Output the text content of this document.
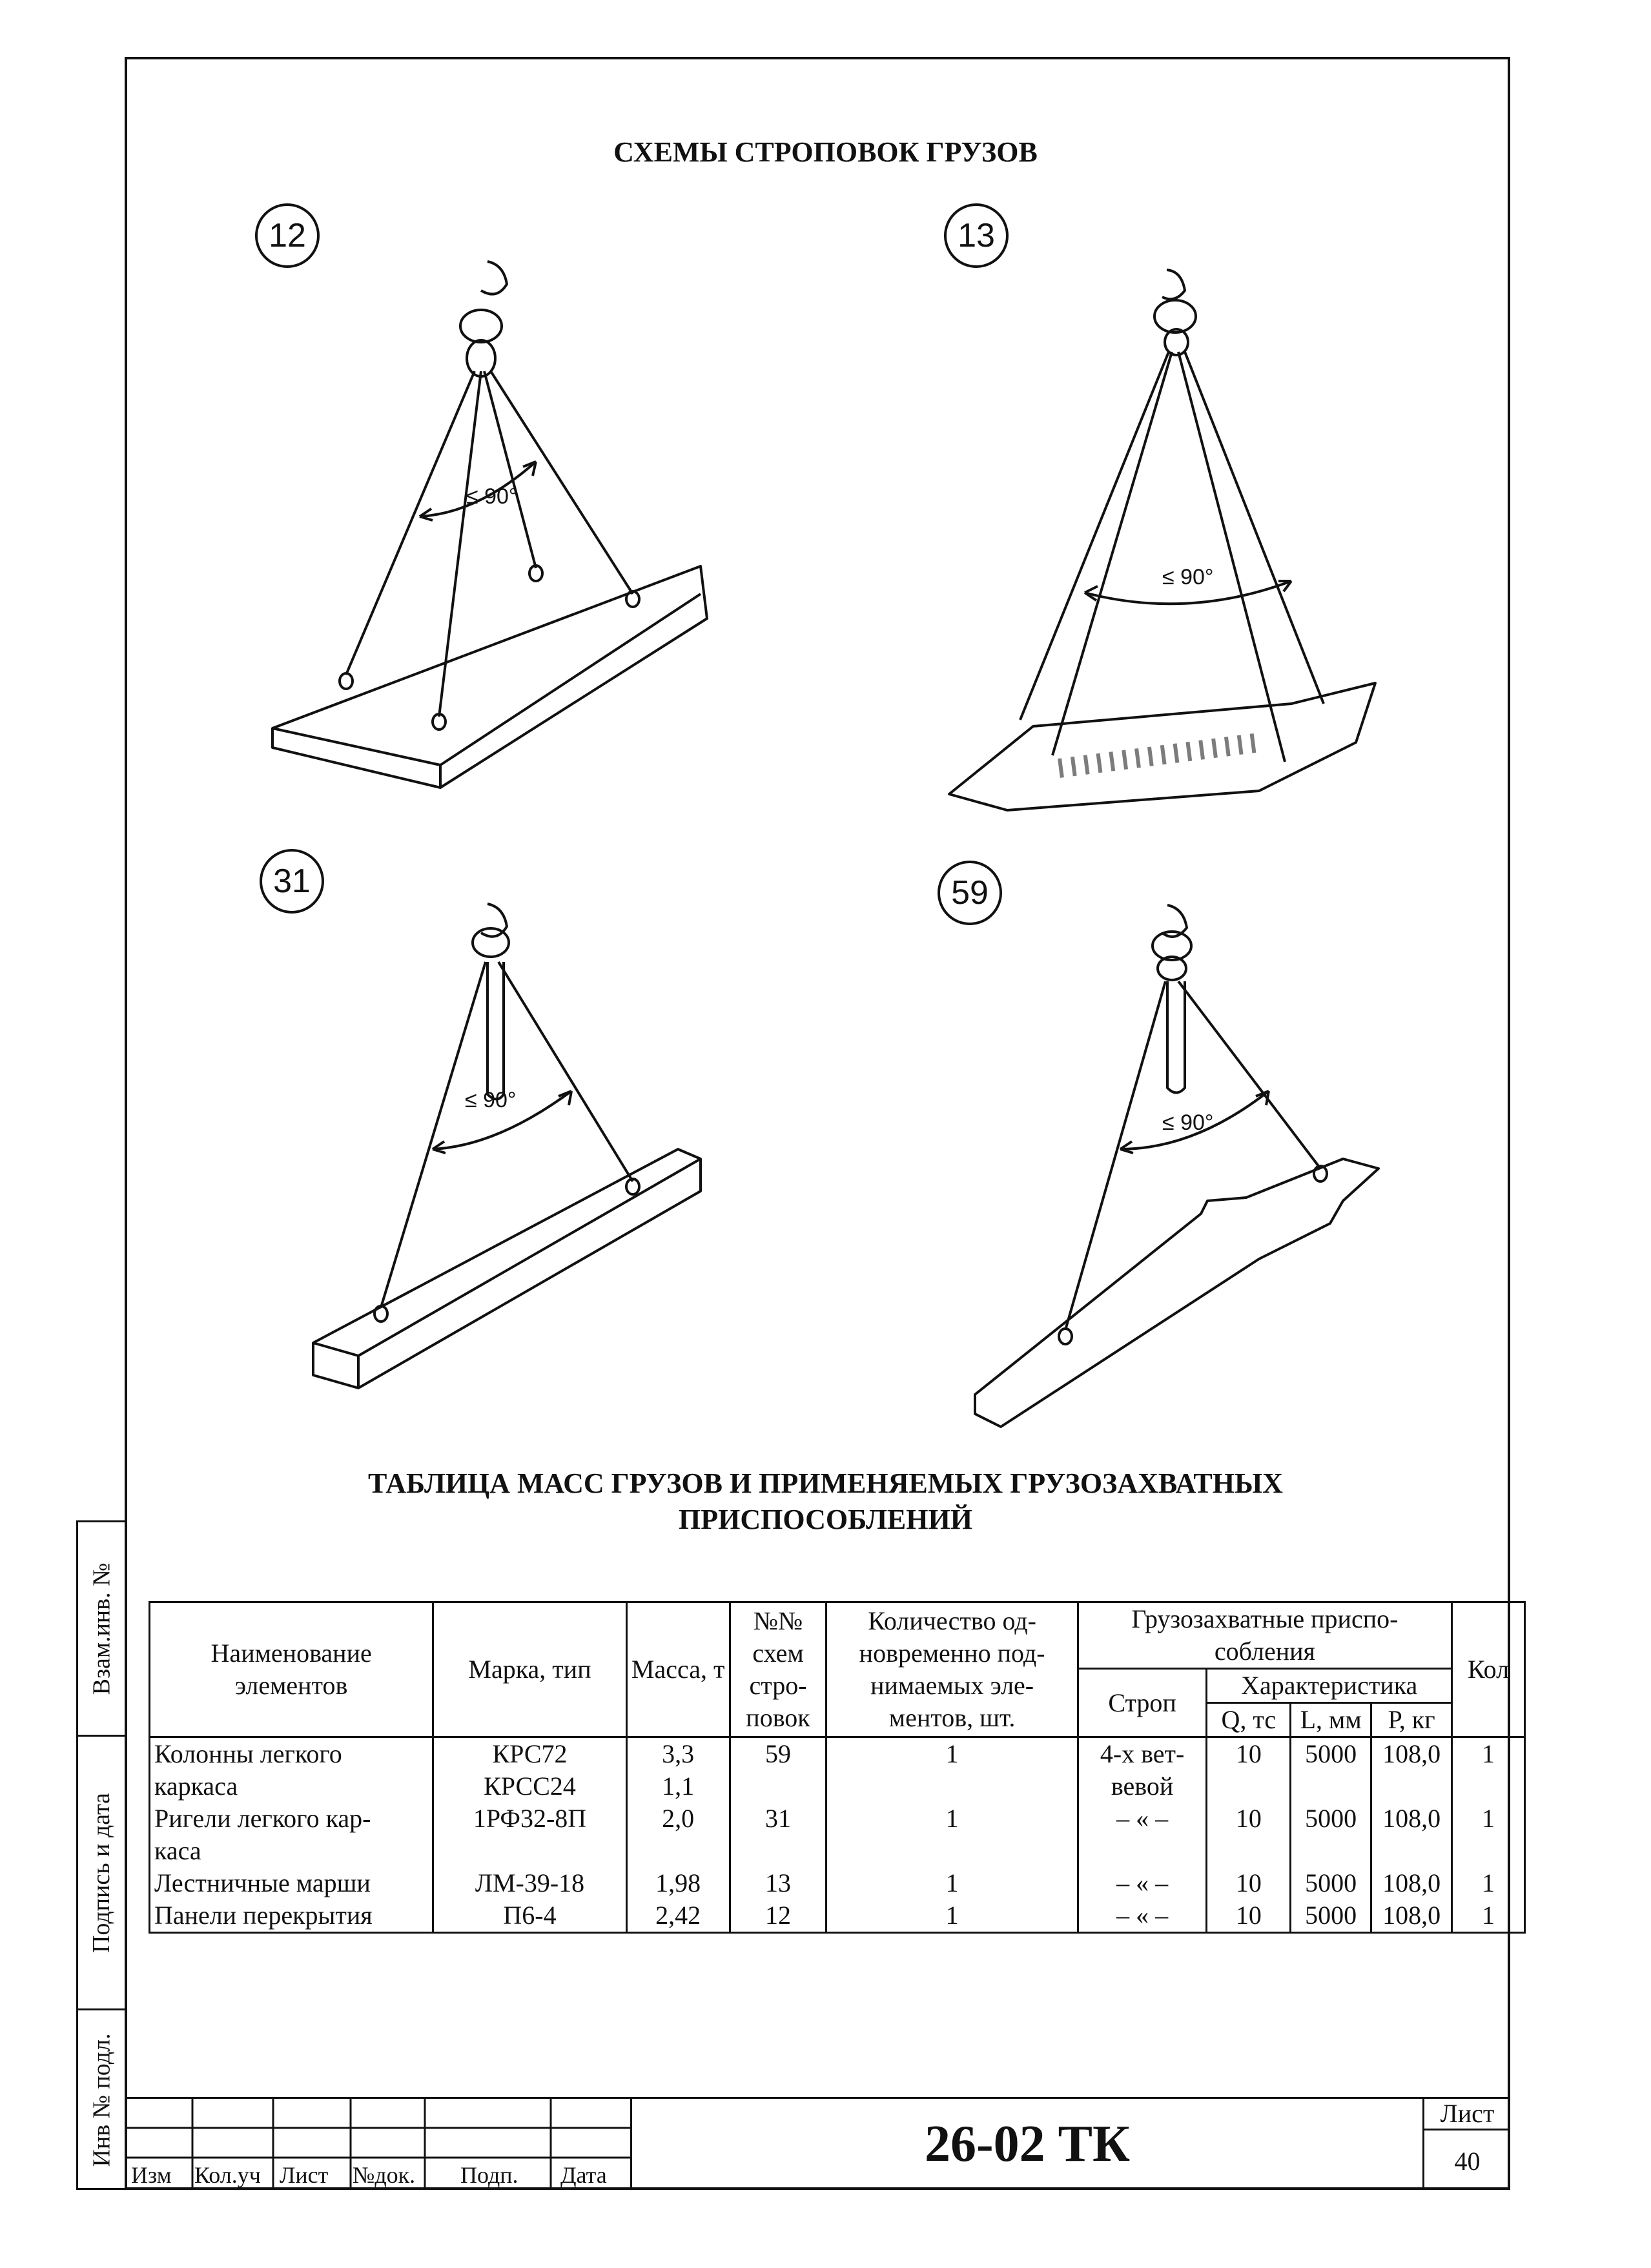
Взам.инв. №
Подпись и дата
Инв № подл.
СХЕМЫ СТРОПОВОК ГРУЗОВ
12	13
31	59
≤ 90°
≤ 90°
≤ 90°
≤ 90°
ТАБЛИЦА МАСС ГРУЗОВ И ПРИМЕНЯЕМЫХ ГРУЗОЗАХВАТНЫХ
ПРИСПОСОБЛЕНИЙ
Наименование элементов	Марка, тип	Масса, т	№№ схем стро- повок	Количество од- новременно под- нимаемых эле- ментов, шт.	Грузозахватные приспо- собления				Кол
					Строп	Характеристика			
						Q, тс	L, мм	Р, кг	
Колонны легкого	КРС72	3,3	59	1	4-х вет-	10	5000	108,0	1
каркаса	КРСС24	1,1			вевой				
Ригели легкого кар-	1РФ32-8П	2,0	31	1	– « –	10	5000	108,0	1
каса									
Лестничные марши	ЛМ-39-18	1,98	13	1	– « –	10	5000	108,0	1
Панели перекрытия	П6-4	2,42	12	1	– « –	10	5000	108,0	1
Изм Кол.уч Лист №док. Подп. Дата
26-02 ТК
Лист
40
